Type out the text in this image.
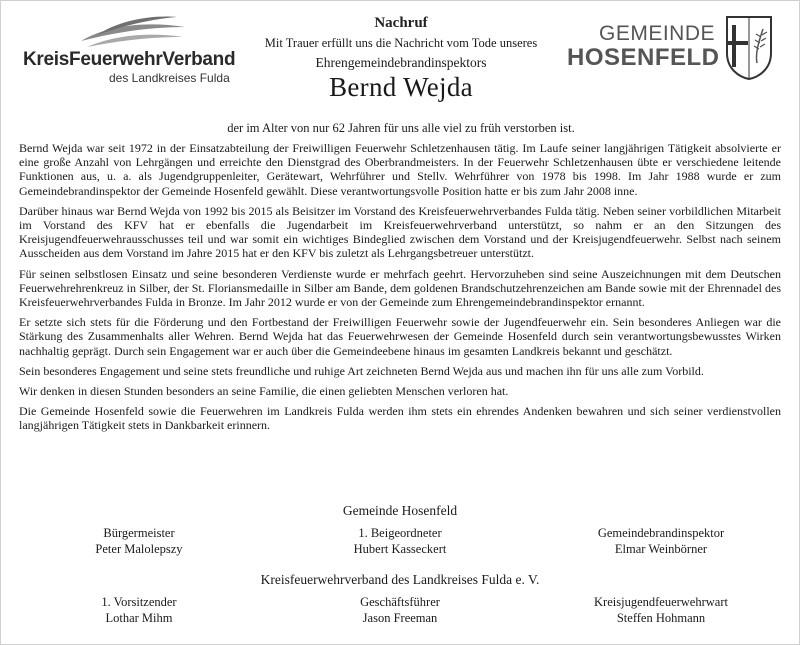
KreisFeuerwehrVerband
des Landkreises Fulda
Nachruf
Mit Trauer erfüllt uns die Nachricht vom Tode unseres
Ehrengemeindebrandinspektors
Bernd Wejda
GEMEINDE
HOSENFELD
der im Alter von nur 62 Jahren für uns alle viel zu früh verstorben ist.

Bernd Wejda war seit 1972 in der Einsatzabteilung der Freiwilligen Feuerwehr Schletzenhausen tätig. Im Laufe seiner langjährigen Tätigkeit absolvierte er eine große Anzahl von Lehrgängen und erreichte den Dienstgrad des Oberbrandmeisters. In der Feuerwehr Schletzenhausen übte er verschiedene leitende Funktionen aus, u. a. als Jugendgruppenleiter, Gerätewart, Wehrführer und Stellv. Wehrführer von 1978 bis 1998. Im Jahr 1988 wurde er zum Gemeindebrandinspektor der Gemeinde Hosenfeld gewählt. Diese verantwortungsvolle Position hatte er bis zum Jahr 2008 inne.

Darüber hinaus war Bernd Wejda von 1992 bis 2015 als Beisitzer im Vorstand des Kreisfeuerwehrverbandes Fulda tätig. Neben seiner vorbildlichen Mitarbeit im Vorstand des KFV hat er ebenfalls die Jugendarbeit im Kreisfeuerwehrverband unterstützt, so nahm er an den Sitzungen des Kreisjugendfeuerwehrausschusses teil und war somit ein wichtiges Bindeglied zwischen dem Vorstand und der Kreisjugendfeuerwehr. Selbst nach seinem Ausscheiden aus dem Vorstand im Jahre 2015 hat er den KFV bis zuletzt als Lehrgangsbetreuer unterstützt.

Für seinen selbstlosen Einsatz und seine besonderen Verdienste wurde er mehrfach geehrt. Hervorzuheben sind seine Auszeichnungen mit dem Deutschen Feuerwehrehrenkreuz in Silber, der St. Floriansmedaille in Silber am Bande, dem goldenen Brandschutzehrenzeichen am Bande sowie mit der Ehrennadel des Kreisfeuerwehrverbandes Fulda in Bronze. Im Jahr 2012 wurde er von der Gemeinde zum Ehrengemeindebrandinspektor ernannt.

Er setzte sich stets für die Förderung und den Fortbestand der Freiwilligen Feuerwehr sowie der Jugendfeuerwehr ein. Sein besonderes Anliegen war die Stärkung des Zusammenhalts aller Wehren. Bernd Wejda hat das Feuerwehrwesen der Gemeinde Hosenfeld durch sein verantwortungsbewusstes Wirken nachhaltig geprägt. Durch sein Engagement war er auch über die Gemeindeebene hinaus im gesamten Landkreis bekannt und geschätzt.

Sein besonderes Engagement und seine stets freundliche und ruhige Art zeichneten Bernd Wejda aus und machen ihn für uns alle zum Vorbild.

Wir denken in diesen Stunden besonders an seine Familie, die einen geliebten Menschen verloren hat.

Die Gemeinde Hosenfeld sowie die Feuerwehren im Landkreis Fulda werden ihm stets ein ehrendes Andenken bewahren und sich seiner verdienstvollen langjährigen Tätigkeit stets in Dankbarkeit erinnern.

Gemeinde Hosenfeld
Bürgermeister
Peter Malolepszy
1. Beigeordneter
Hubert Kasseckert
Gemeindebrandinspektor
Elmar Weinbörner
Kreisfeuerwehrverband des Landkreises Fulda e. V.
1. Vorsitzender
Lothar Mihm
Geschäftsführer
Jason Freeman
Kreisjugendfeuerwehrwart
Steffen Hohmann
